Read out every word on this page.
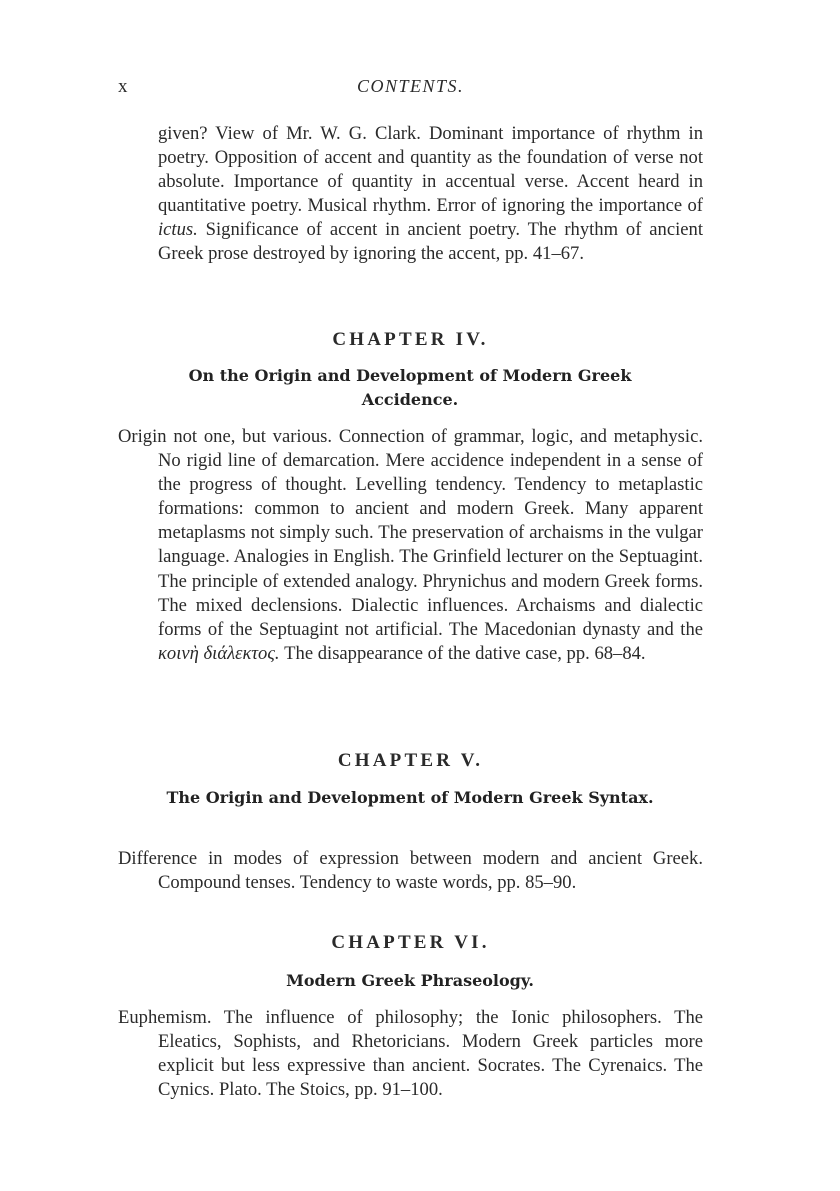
x	CONTENTS.

given? View of Mr. W. G. Clark. Dominant importance of rhythm in poetry. Opposition of accent and quantity as the foundation of verse not absolute. Importance of quantity in accentual verse. Accent heard in quantitative poetry. Musical rhythm. Error of ignoring the importance of ictus. Significance of accent in ancient poetry. The rhythm of ancient Greek prose destroyed by ignoring the accent, pp. 41–67.

CHAPTER IV.

On the Origin and Development of Modern Greek Accidence.

Origin not one, but various. Connection of grammar, logic, and metaphysic. No rigid line of demarcation. Mere accidence independent in a sense of the progress of thought. Levelling tendency. Tendency to metaplastic formations: common to ancient and modern Greek. Many apparent metaplasms not simply such. The preservation of archaisms in the vulgar language. Analogies in English. The Grinfield lecturer on the Septuagint. The principle of extended analogy. Phrynichus and modern Greek forms. The mixed declensions. Dialectic influences. Archaisms and dialectic forms of the Septuagint not artificial. The Macedonian dynasty and the κοινὴ διάλεκτος. The disappearance of the dative case, pp. 68–84.

CHAPTER V.

The Origin and Development of Modern Greek Syntax.

Difference in modes of expression between modern and ancient Greek. Compound tenses. Tendency to waste words, pp. 85–90.

CHAPTER VI.

Modern Greek Phraseology.

Euphemism. The influence of philosophy; the Ionic philosophers. The Eleatics, Sophists, and Rhetoricians. Modern Greek particles more explicit but less expressive than ancient. Socrates. The Cyrenaics. The Cynics. Plato. The Stoics, pp. 91–100.
